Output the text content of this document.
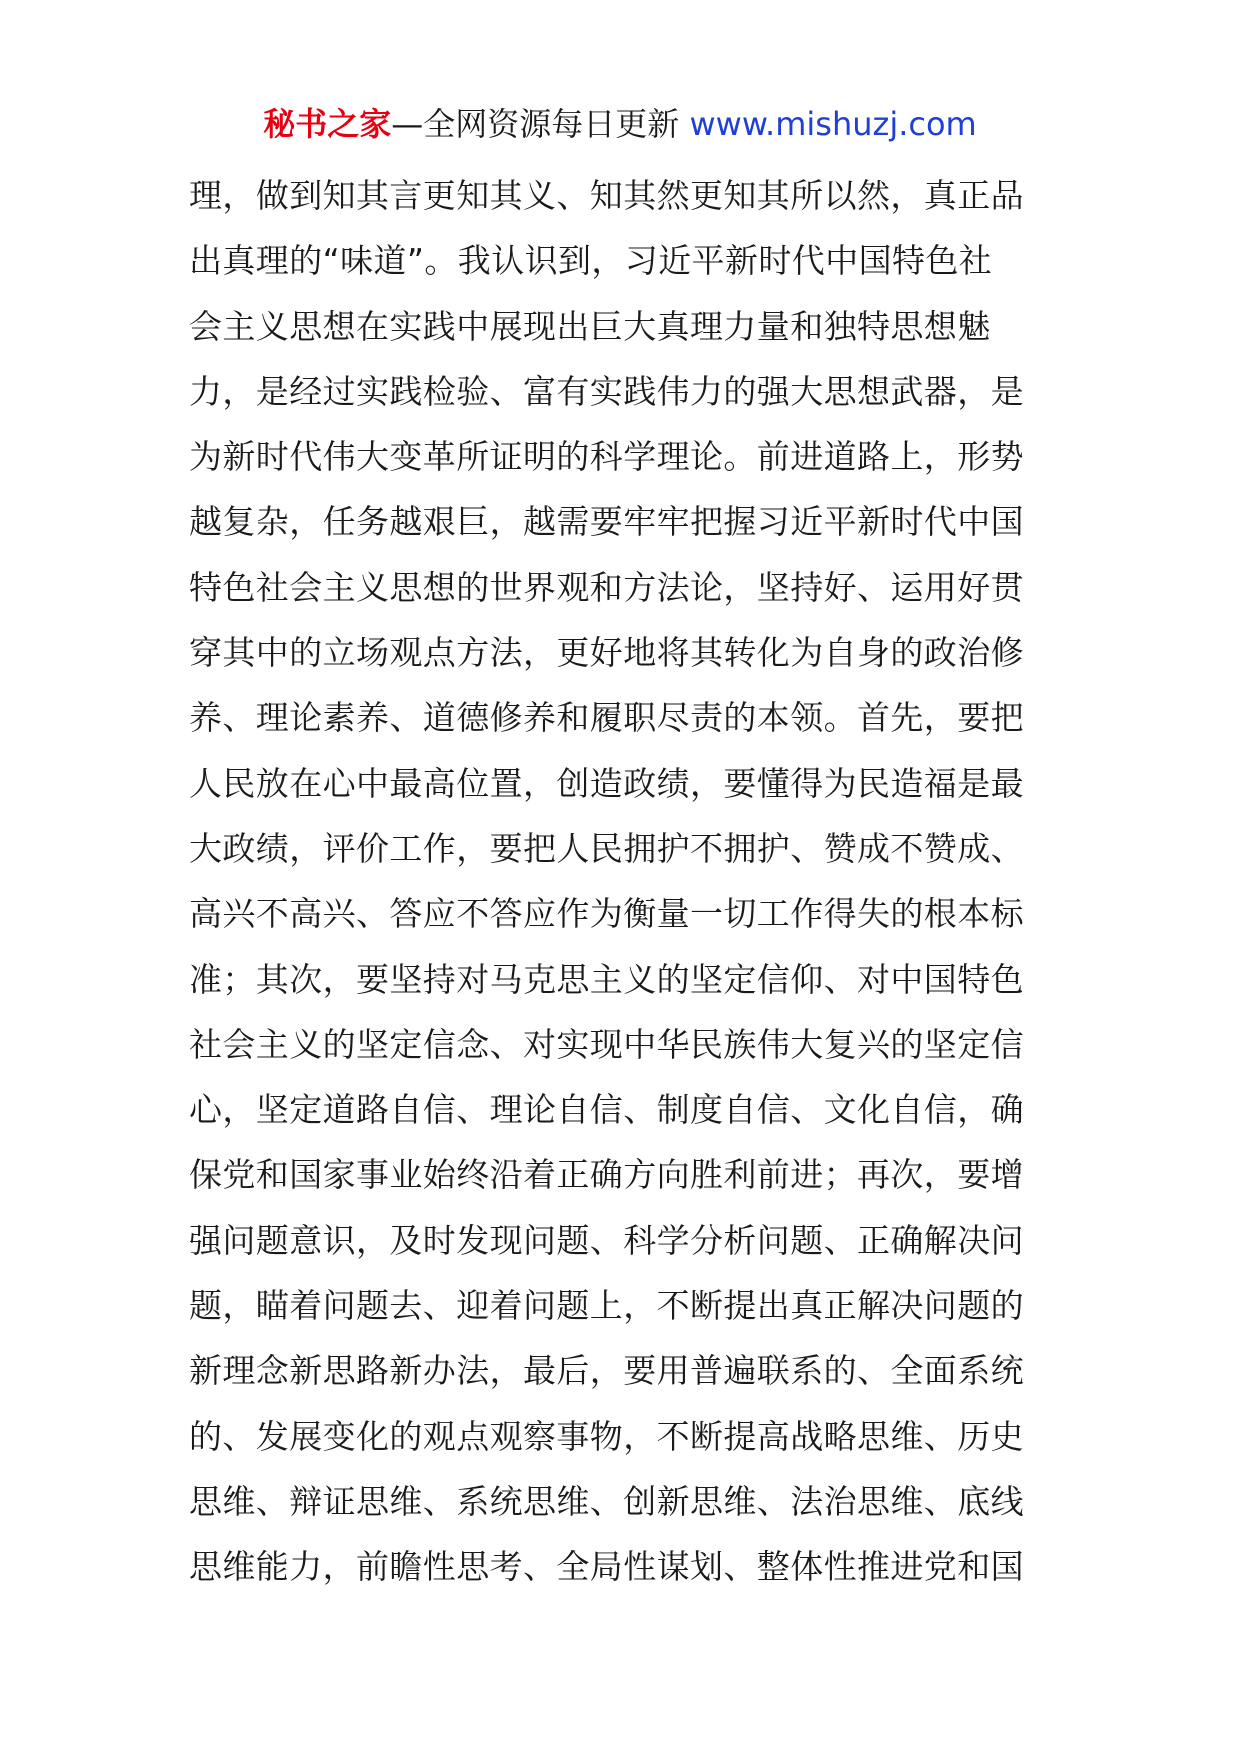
秘书之家—全网资源每日更新 www.mishuzj.com
理，做到知其言更知其义、知其然更知其所以然，真正品
出真理的“味道”。我认识到，习近平新时代中国特色社
会主义思想在实践中展现出巨大真理力量和独特思想魅
力，是经过实践检验、富有实践伟力的强大思想武器，是
为新时代伟大变革所证明的科学理论。前进道路上，形势
越复杂，任务越艰巨，越需要牢牢把握习近平新时代中国
特色社会主义思想的世界观和方法论，坚持好、运用好贯
穿其中的立场观点方法，更好地将其转化为自身的政治修
养、理论素养、道德修养和履职尽责的本领。首先，要把
人民放在心中最高位置，创造政绩，要懂得为民造福是最
大政绩，评价工作，要把人民拥护不拥护、赞成不赞成、
高兴不高兴、答应不答应作为衡量一切工作得失的根本标
准；其次，要坚持对马克思主义的坚定信仰、对中国特色
社会主义的坚定信念、对实现中华民族伟大复兴的坚定信
心，坚定道路自信、理论自信、制度自信、文化自信，确
保党和国家事业始终沿着正确方向胜利前进；再次，要增
强问题意识，及时发现问题、科学分析问题、正确解决问
题，瞄着问题去、迎着问题上，不断提出真正解决问题的
新理念新思路新办法，最后，要用普遍联系的、全面系统
的、发展变化的观点观察事物，不断提高战略思维、历史
思维、辩证思维、系统思维、创新思维、法治思维、底线
思维能力，前瞻性思考、全局性谋划、整体性推进党和国
